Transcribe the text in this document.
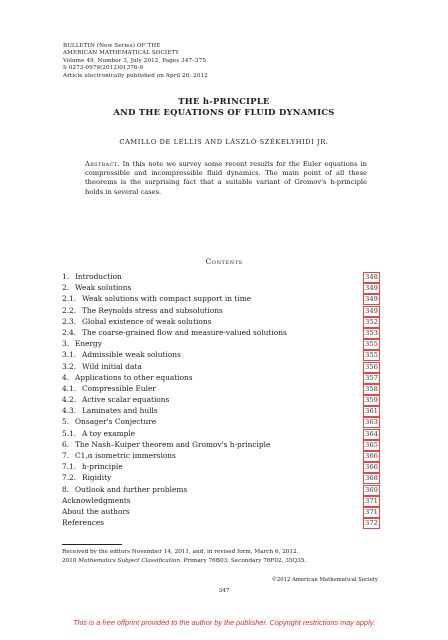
BULLETIN (New Series) OF THE
AMERICAN MATHEMATICAL SOCIETY
Volume 49, Number 3, July 2012, Pages 347–375
S 0273-0979(2012)01376-9
Article electronically published on April 26, 2012
THE h-PRINCIPLE
AND THE EQUATIONS OF FLUID DYNAMICS
CAMILLO DE LELLIS AND LÁSZLÓ SZÉKELYHIDI JR.
Abstract. In this note we survey some recent results for the Euler equations in compressible and incompressible fluid dynamics. The main point of all these theorems is the surprising fact that a suitable variant of Gromov's h-principle holds in several cases.
Contents
1. Introduction	348
2. Weak solutions	349
2.1. Weak solutions with compact support in time	349
2.2. The Reynolds stress and subsolutions	349
2.3. Global existence of weak solutions	352
2.4. The coarse-grained flow and measure-valued solutions	353
3. Energy	355
3.1. Admissible weak solutions	355
3.2. Wild initial data	356
4. Applications to other equations	357
4.1. Compressible Euler	358
4.2. Active scalar equations	359
4.3. Laminates and hulls	361
5. Onsager's Conjecture	363
5.1. A toy example	364
6. The Nash–Kuiper theorem and Gromov's h-principle	365
7. C1,α isometric immersions	366
7.1. h-principle	366
7.2. Rigidity	368
8. Outlook and further problems	369
Acknowledgments	371
About the authors	371
References	372
Received by the editors November 14, 2011, and, in revised form, March 6, 2012.
2010 Mathematics Subject Classification. Primary 76B03; Secondary 76F02, 35Q35.
©2012 American Mathematical Society
347
This is a free offprint provided to the author by the publisher. Copyright restrictions may apply.
